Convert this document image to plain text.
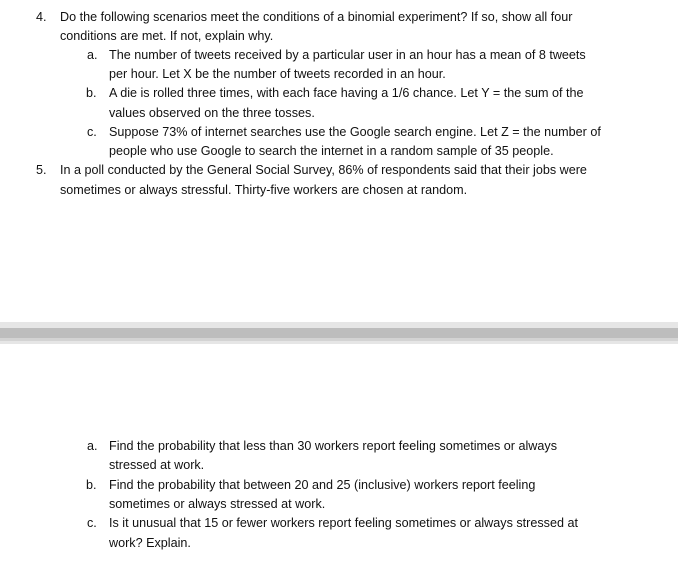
4. Do the following scenarios meet the conditions of a binomial experiment? If so, show all four
conditions are met. If not, explain why.
a. The number of tweets received by a particular user in an hour has a mean of 8 tweets
per hour. Let X be the number of tweets recorded in an hour.
b. A die is rolled three times, with each face having a 1/6 chance. Let Y = the sum of the
values observed on the three tosses.
c. Suppose 73% of internet searches use the Google search engine. Let Z = the number of
people who use Google to search the internet in a random sample of 35 people.
5. In a poll conducted by the General Social Survey, 86% of respondents said that their jobs were
sometimes or always stressful. Thirty-five workers are chosen at random.
a. Find the probability that less than 30 workers report feeling sometimes or always
stressed at work.
b. Find the probability that between 20 and 25 (inclusive) workers report feeling
sometimes or always stressed at work.
c. Is it unusual that 15 or fewer workers report feeling sometimes or always stressed at
work? Explain.
